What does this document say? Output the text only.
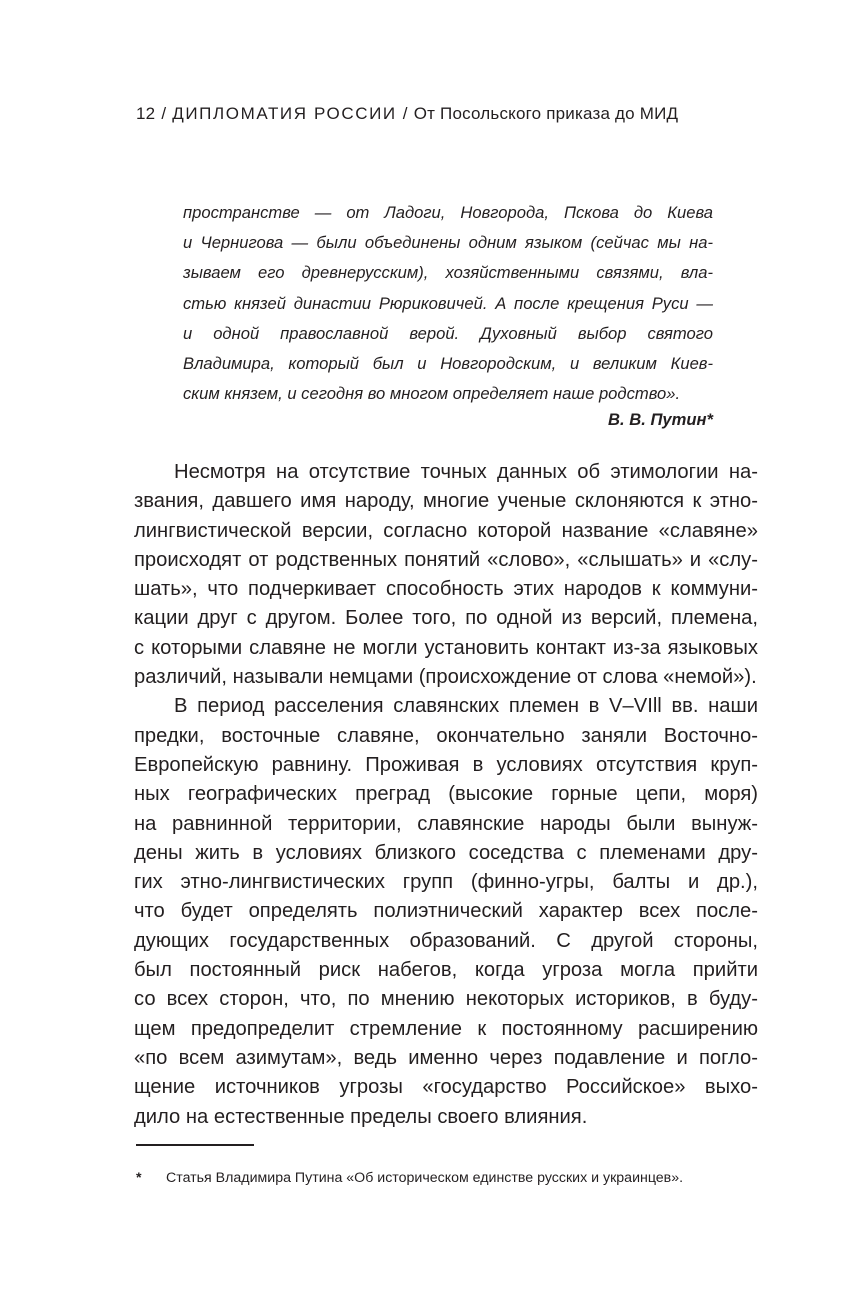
12 / ДИПЛОМАТИЯ РОССИИ / От Посольского приказа до МИД
пространстве — от Ладоги, Новгорода, Пскова до Киева
и Чернигова — были объединены одним языком (сейчас мы на-
зываем его древнерусским), хозяйственными связями, вла-
стью князей династии Рюриковичей. А после крещения Руси —
и одной православной верой. Духовный выбор святого
Владимира, который был и Новгородским, и великим Киев-
ским князем, и сегодня во многом определяет наше родство».
В. В. Путин*
Несмотря на отсутствие точных данных об этимологии на-
звания, давшего имя народу, многие ученые склоняются к этно-
лингвистической версии, согласно которой название «славяне»
происходят от родственных понятий «слово», «слышать» и «слу-
шать», что подчеркивает способность этих народов к коммуни-
кации друг с другом. Более того, по одной из версий, племена,
с которыми славяне не могли установить контакт из-за языковых
различий, называли немцами (происхождение от слова «немой»).
В период расселения славянских племен в V–VIll вв. наши
предки, восточные славяне, окончательно заняли Восточно-
Европейскую равнину. Проживая в условиях отсутствия круп-
ных географических преград (высокие горные цепи, моря)
на равнинной территории, славянские народы были вынуж-
дены жить в условиях близкого соседства с племенами дру-
гих этно-лингвистических групп (финно-угры, балты и др.),
что будет определять полиэтнический характер всех после-
дующих государственных образований. С другой стороны,
был постоянный риск набегов, когда угроза могла прийти
со всех сторон, что, по мнению некоторых историков, в буду-
щем предопределит стремление к постоянному расширению
«по всем азимутам», ведь именно через подавление и погло-
щение источников угрозы «государство Российское» выхо-
дило на естественные пределы своего влияния.
* Статья Владимира Путина «Об историческом единстве русских и украинцев».
